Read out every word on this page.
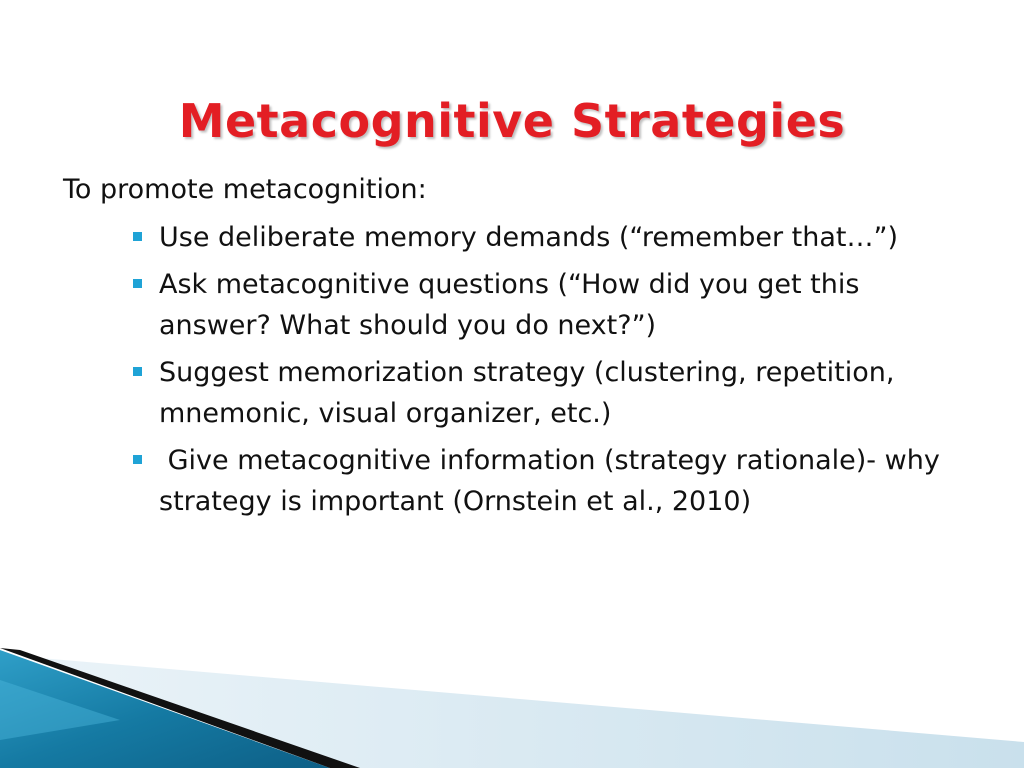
Metacognitive Strategies

To promote metacognition:

Use deliberate memory demands (“remember that…”)
Ask metacognitive questions (“How did you get this answer? What should you do next?”)
Suggest memorization strategy (clustering, repetition, mnemonic, visual organizer, etc.)
Give metacognitive information (strategy rationale)- why strategy is important (Ornstein et al., 2010)
